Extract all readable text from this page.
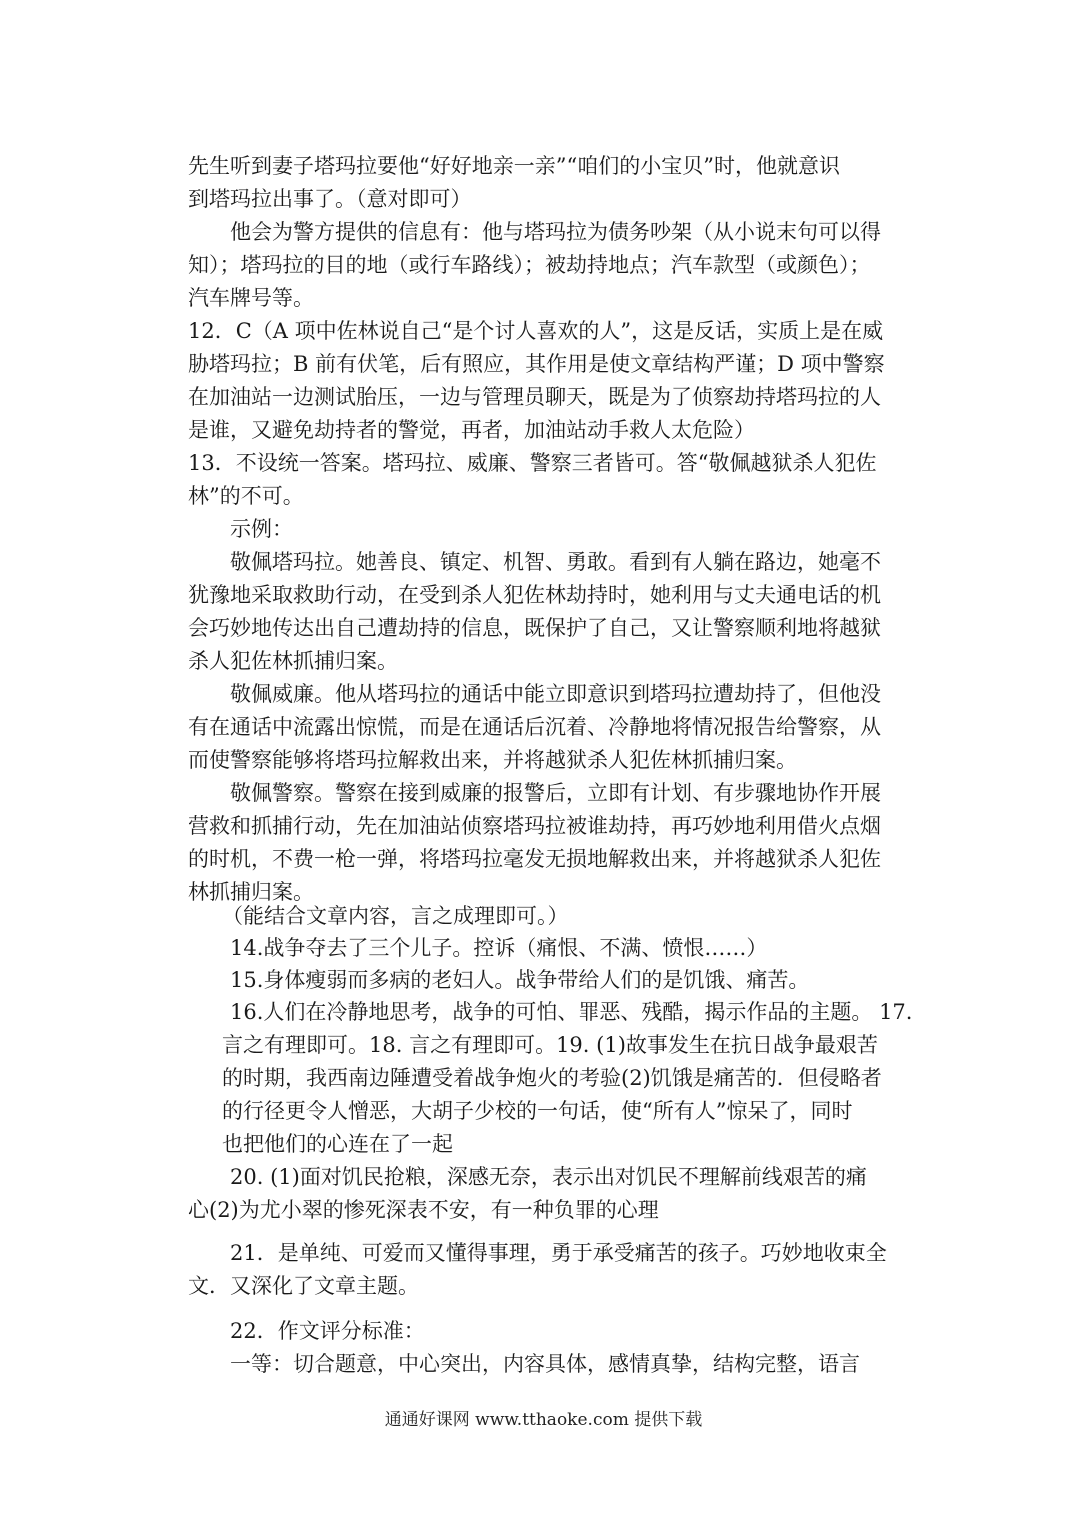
先生听到妻子塔玛拉要他“好好地亲一亲”“咱们的小宝贝”时，他就意识
到塔玛拉出事了。（意对即可）
他会为警方提供的信息有：他与塔玛拉为债务吵架（从小说末句可以得
知）；塔玛拉的目的地（或行车路线）；被劫持地点；汽车款型（或颜色）；
汽车牌号等。
12．C（A 项中佐林说自己“是个讨人喜欢的人”，这是反话，实质上是在威
胁塔玛拉；B 前有伏笔，后有照应，其作用是使文章结构严谨；D 项中警察
在加油站一边测试胎压，一边与管理员聊天，既是为了侦察劫持塔玛拉的人
是谁，又避免劫持者的警觉，再者，加油站动手救人太危险）
13．不设统一答案。塔玛拉、威廉、警察三者皆可。答“敬佩越狱杀人犯佐
林”的不可。
示例：
敬佩塔玛拉。她善良、镇定、机智、勇敢。看到有人躺在路边，她毫不
犹豫地采取救助行动，在受到杀人犯佐林劫持时，她利用与丈夫通电话的机
会巧妙地传达出自己遭劫持的信息，既保护了自己，又让警察顺利地将越狱
杀人犯佐林抓捕归案。
敬佩威廉。他从塔玛拉的通话中能立即意识到塔玛拉遭劫持了，但他没
有在通话中流露出惊慌，而是在通话后沉着、冷静地将情况报告给警察，从
而使警察能够将塔玛拉解救出来，并将越狱杀人犯佐林抓捕归案。
敬佩警察。警察在接到威廉的报警后，立即有计划、有步骤地协作开展
营救和抓捕行动，先在加油站侦察塔玛拉被谁劫持，再巧妙地利用借火点烟
的时机，不费一枪一弹，将塔玛拉毫发无损地解救出来，并将越狱杀人犯佐
林抓捕归案。
（能结合文章内容，言之成理即可。）
14.战争夺去了三个儿子。控诉（痛恨、不满、愤恨……）
15.身体瘦弱而多病的老妇人。战争带给人们的是饥饿、痛苦。
16.人们在冷静地思考，战争的可怕、罪恶、残酷，揭示作品的主题。 17.
言之有理即可。18. 言之有理即可。19. (1)故事发生在抗日战争最艰苦
的时期，我西南边陲遭受着战争炮火的考验(2)饥饿是痛苦的．但侵略者
的行径更令人憎恶，大胡子少校的一句话，使“所有人”惊呆了，同时
也把他们的心连在了一起
20. (1)面对饥民抢粮，深感无奈，表示出对饥民不理解前线艰苦的痛
心(2)为尤小翠的惨死深表不安，有一种负罪的心理
21．是单纯、可爱而又懂得事理，勇于承受痛苦的孩子。巧妙地收束全
文．又深化了文章主题。
22．作文评分标准：
一等：切合题意，中心突出，内容具体，感情真挚，结构完整，语言
通通好课网 www.tthaoke.com 提供下载
